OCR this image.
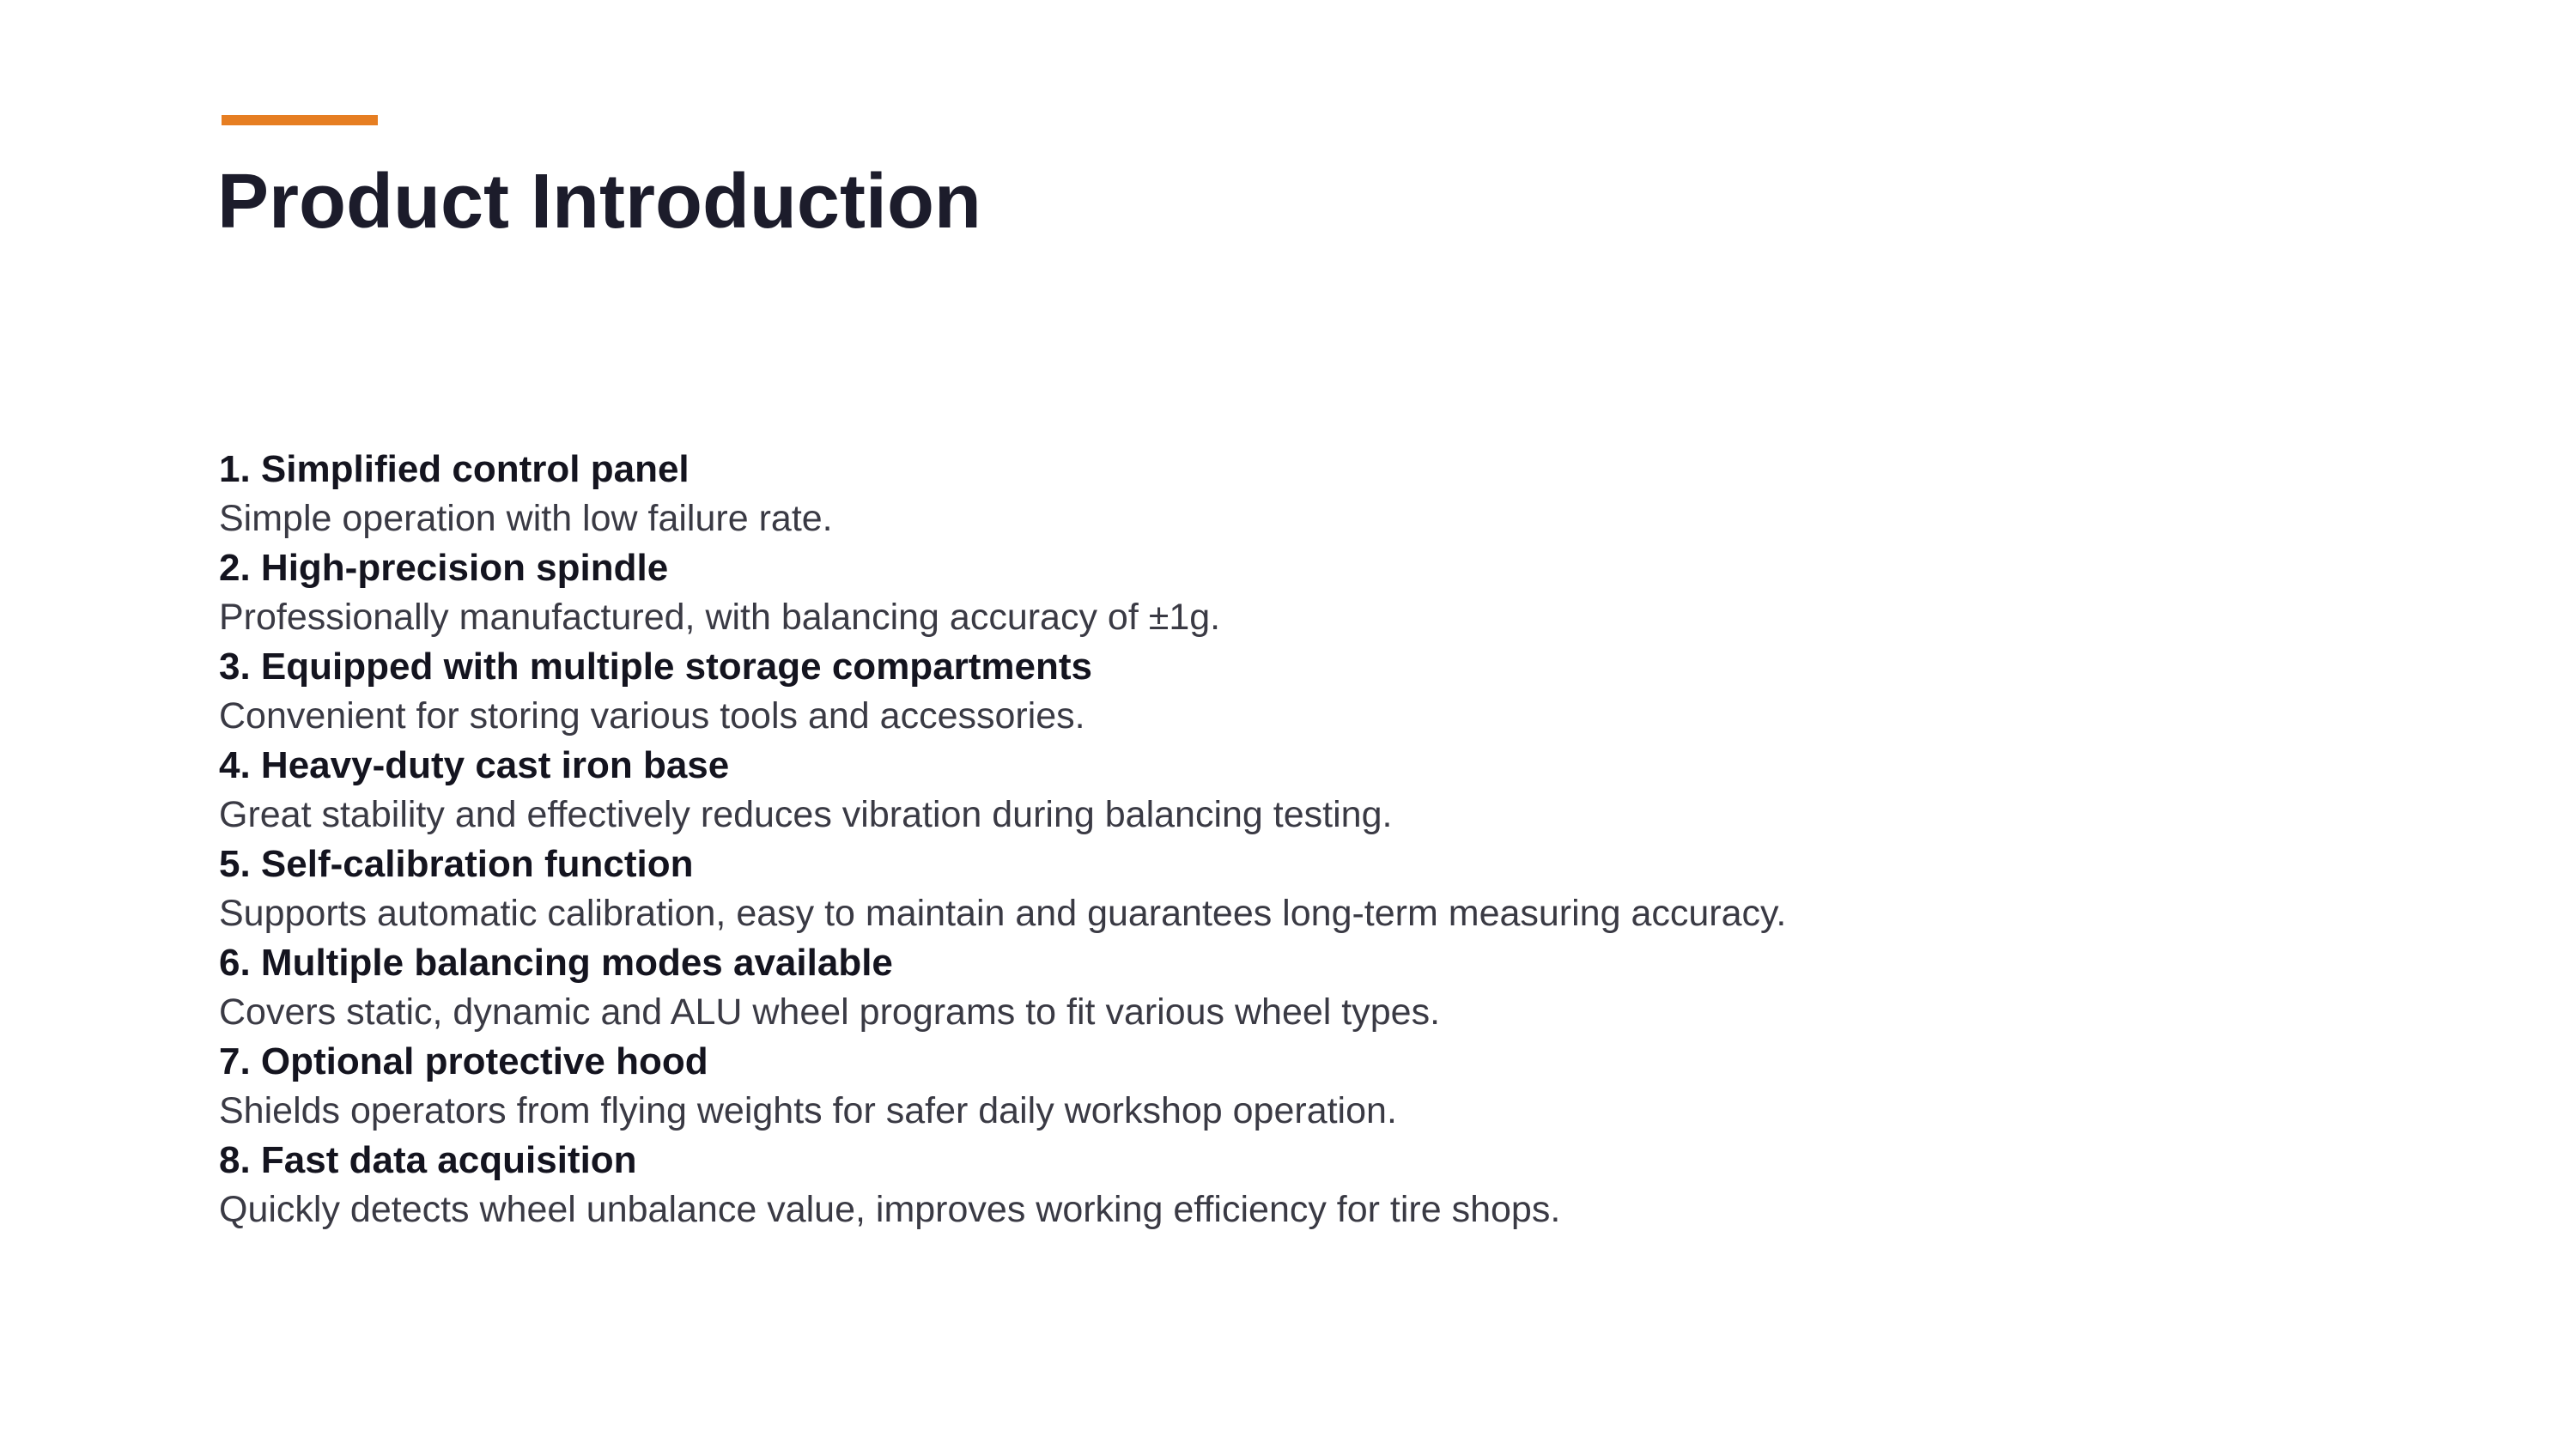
Product Introduction
1. Simplified control panel
Simple operation with low failure rate.
2. High-precision spindle
Professionally manufactured, with balancing accuracy of ±1g.
3. Equipped with multiple storage compartments
Convenient for storing various tools and accessories.
4. Heavy-duty cast iron base
Great stability and effectively reduces vibration during balancing testing.
5. Self-calibration function
Supports automatic calibration, easy to maintain and guarantees long-term measuring accuracy.
6. Multiple balancing modes available
Covers static, dynamic and ALU wheel programs to fit various wheel types.
7. Optional protective hood
Shields operators from flying weights for safer daily workshop operation.
8. Fast data acquisition
Quickly detects wheel unbalance value, improves working efficiency for tire shops.
